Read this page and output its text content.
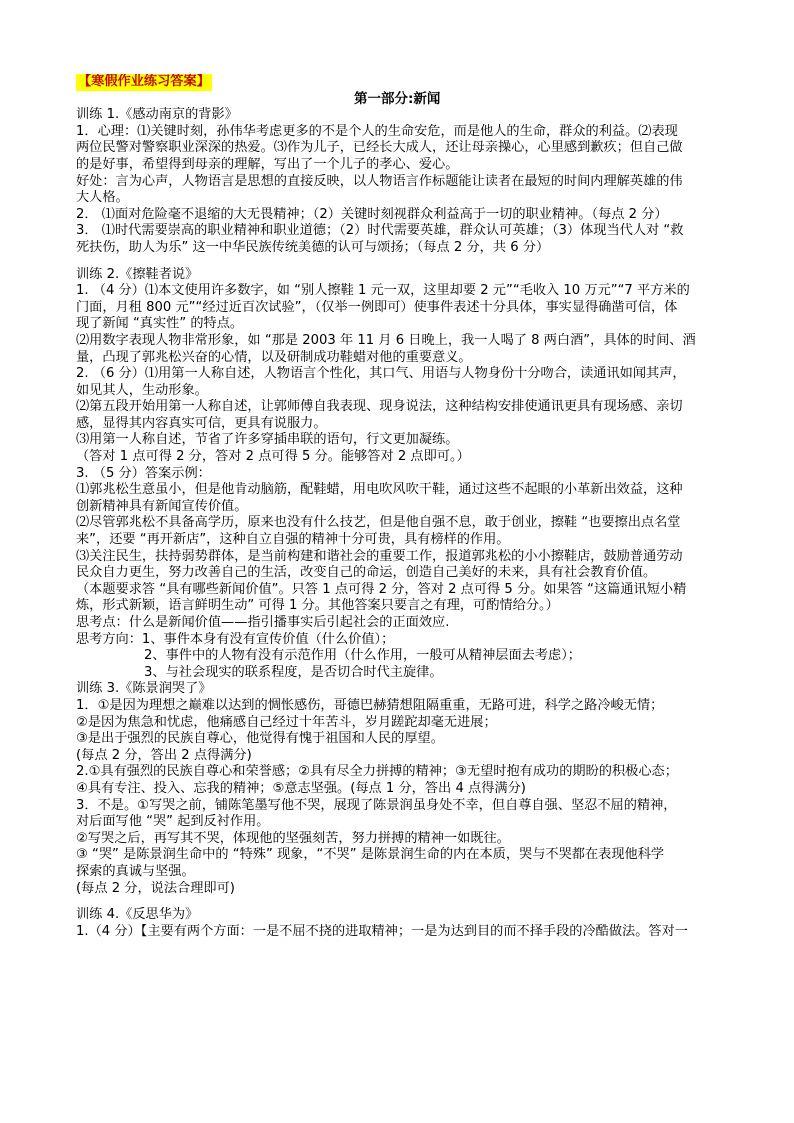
【寒假作业练习答案】
第一部分:新闻
训练 1.《感动南京的背影》
1．心理：⑴关键时刻，孙伟华考虑更多的不是个人的生命安危，而是他人的生命，群众的利益。⑵表现
两位民警对警察职业深深的热爱。⑶作为儿子，已经长大成人，还让母亲操心，心里感到歉疚；但自己做
的是好事，希望得到母亲的理解，写出了一个儿子的孝心、爱心。
好处：言为心声，人物语言是思想的直接反映，以人物语言作标题能让读者在最短的时间内理解英雄的伟
大人格。
2． ⑴面对危险毫不退缩的大无畏精神；（2）关键时刻视群众利益高于一切的职业精神。（每点 2 分）
3． ⑴时代需要崇高的职业精神和职业道德；（2）时代需要英雄，群众认可英雄；（3）体现当代人对 “救
死扶伤，助人为乐” 这一中华民族传统美德的认可与颂扬；（每点 2 分，共 6 分）
训练 2.《擦鞋者说》
1. （4 分）⑴本文使用许多数字，如 “别人擦鞋 1 元一双，这里却要 2 元”“毛收入 10 万元”“7 平方米的
门面，月租 800 元”“经过近百次试验”，（仅举一例即可）使事件表述十分具体，事实显得确凿可信，体
现了新闻 “真实性” 的特点。
⑵用数字表现人物非常形象，如 “那是 2003 年 11 月 6 日晚上，我一人喝了 8 两白酒”，具体的时间、酒
量，凸现了郭兆松兴奋的心情，以及研制成功鞋蜡对他的重要意义。
2. （6 分）⑴用第一人称自述，人物语言个性化，其口气、用语与人物身份十分吻合，读通讯如闻其声，
如见其人，生动形象。
⑵第五段开始用第一人称自述，让郭师傅自我表现、现身说法，这种结构安排使通讯更具有现场感、亲切
感，显得其内容真实可信，更具有说服力。
⑶用第一人称自述，节省了许多穿插串联的语句，行文更加凝练。
（答对 1 点可得 2 分，答对 2 点可得 5 分。能够答对 2 点即可。）
3. （5 分）答案示例：
⑴郭兆松生意虽小，但是他肯动脑筋，配鞋蜡，用电吹风吹干鞋，通过这些不起眼的小革新出效益，这种
创新精神具有新闻宣传价值。
⑵尽管郭兆松不具备高学历，原来也没有什么技艺，但是他自强不息，敢于创业，擦鞋 “也要擦出点名堂
来”，还要 “再开新店”，这种自立自强的精神十分可贵，具有榜样的作用。
⑶关注民生，扶持弱势群体，是当前构建和谐社会的重要工作，报道郭兆松的小小擦鞋店，鼓励普通劳动
民众自力更生，努力改善自己的生活，改变自己的命运，创造自己美好的未来，具有社会教育价值。
（本题要求答 “具有哪些新闻价值”。只答 1 点可得 2 分，答对 2 点可得 5 分。如果答 “这篇通讯短小精
炼，形式新颖，语言鲜明生动” 可得 1 分。其他答案只要言之有理，可酌情给分。）
思考点：什么是新闻价值——指引播事实后引起社会的正面效应.
思考方向：1、事件本身有没有宣传价值（什么价值）；
2、事件中的人物有没有示范作用（什么作用，一般可从精神层面去考虑）；
3、与社会现实的联系程度，是否切合时代主旋律。
训练 3.《陈景润哭了》
1．①是因为理想之巅难以达到的惆怅感伤，哥德巴赫猜想阻隔重重，无路可进，科学之路冷峻无情；
②是因为焦急和忧虑，他痛感自己经过十年苦斗，岁月蹉跎却毫无进展；
③是出于强烈的民族自尊心，他觉得有愧于祖国和人民的厚望。
(每点 2 分，答出 2 点得满分)
2.①具有强烈的民族自尊心和荣誉感；②具有尽全力拼搏的精神；③无望时抱有成功的期盼的积极心态；
④具有专注、投入、忘我的精神；⑤意志坚强。(每点 1 分，答出 4 点得满分)
3．不是。①写哭之前，铺陈笔墨写他不哭，展现了陈景润虽身处不幸，但自尊自强、坚忍不屈的精神，
对后面写他 “哭” 起到反衬作用。
②写哭之后，再写其不哭，体现他的坚强刻苦，努力拼搏的精神一如既往。
③ “哭” 是陈景润生命中的 “特殊” 现象，“不哭” 是陈景润生命的内在本质，哭与不哭都在表现他科学
探索的真诚与坚强。
(每点 2 分，说法合理即可)
训练 4.《反思华为》
1.（4 分）【主要有两个方面：一是不屈不挠的进取精神；一是为达到目的而不择手段的冷酷做法。答对一
